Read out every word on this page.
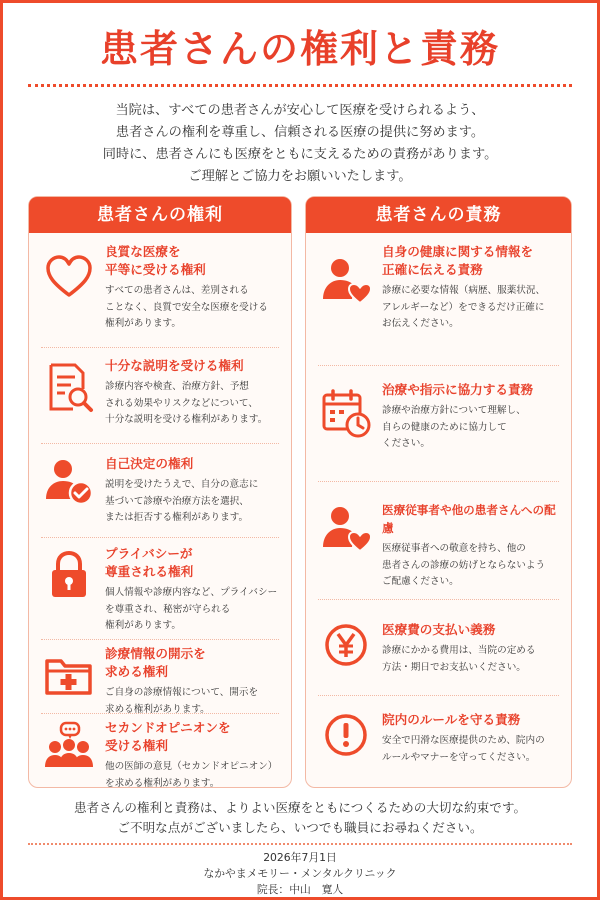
患者さんの権利と責務
当院は、すべての患者さんが安心して医療を受けられるよう、
患者さんの権利を尊重し、信頼される医療の提供に努めます。
同時に、患者さんにも医療をともに支えるための責務があります。
ご理解とご協力をお願いいたします。
患者さんの権利
良質な医療を
平等に受ける権利

すべての患者さんは、差別される
ことなく、良質で安全な医療を受ける
権利があります。

十分な説明を受ける権利

診療内容や検査、治療方針、予想
される効果やリスクなどについて、
十分な説明を受ける権利があります。

自己決定の権利

説明を受けたうえで、自分の意志に
基づいて診療や治療方法を選択、
または拒否する権利があります。

プライバシーが
尊重される権利

個人情報や診療内容など、プライバシー
を尊重され、秘密が守られる
権利があります。

診療情報の開示を
求める権利

ご自身の診療情報について、開示を
求める権利があります。

セカンドオピニオンを
受ける権利

他の医師の意見（セカンドオピニオン）
を求める権利があります。

患者さんの責務
自身の健康に関する情報を
正確に伝える責務

診療に必要な情報（病歴、服薬状況、
アレルギーなど）をできるだけ正確に
お伝えください。

治療や指示に協力する責務

診療や治療方針について理解し、
自らの健康のために協力して
ください。

医療従事者や他の患者さんへの配慮

医療従事者への敬意を持ち、他の
患者さんの診療の妨げとならないよう
ご配慮ください。

医療費の支払い義務

診療にかかる費用は、当院の定める
方法・期日でお支払いください。

院内のルールを守る責務

安全で円滑な医療提供のため、院内の
ルールやマナーを守ってください。

患者さんの権利と責務は、よりよい医療をともにつくるための大切な約束です。
ご不明な点がございましたら、いつでも職員にお尋ねください。
2026年7月1日
なかやまメモリー・メンタルクリニック
院長：中山　寛人
